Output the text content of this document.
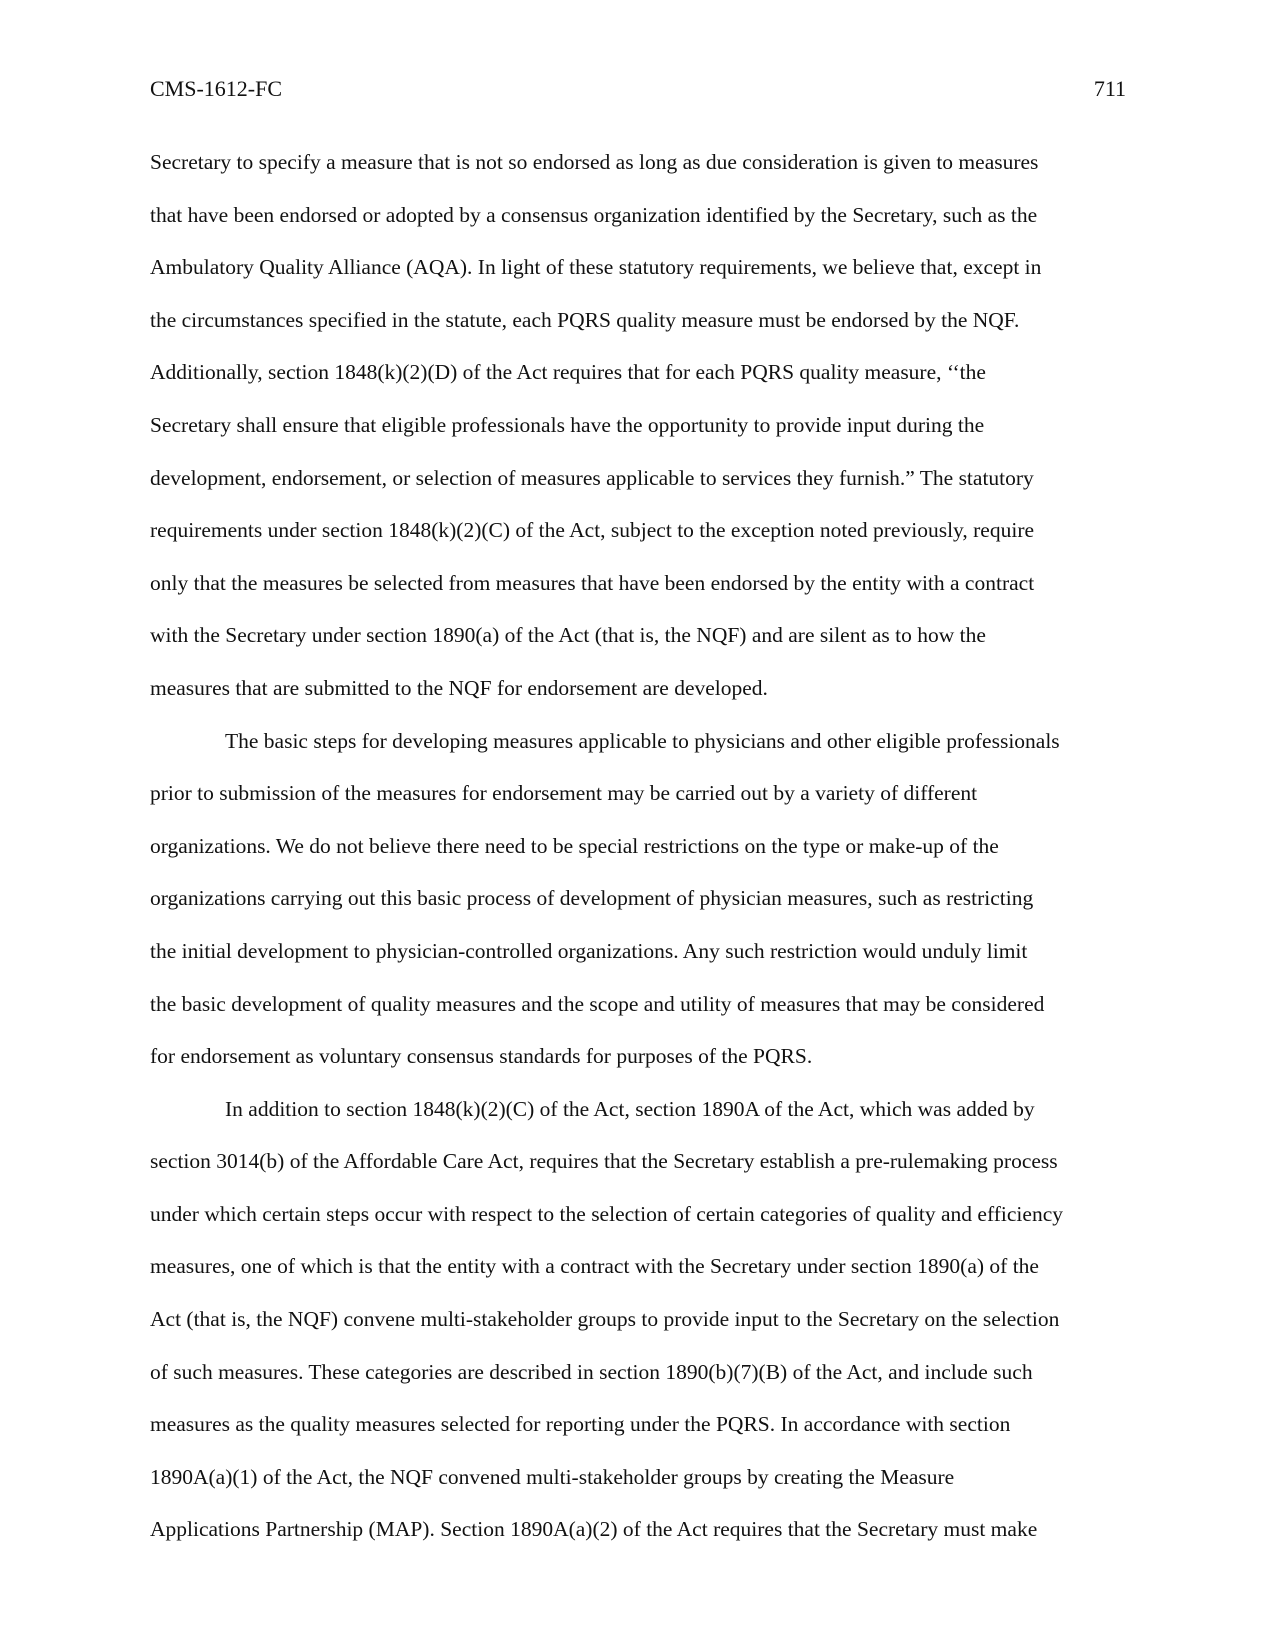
CMS-1612-FC	711
Secretary to specify a measure that is not so endorsed as long as due consideration is given to measures
that have been endorsed or adopted by a consensus organization identified by the Secretary, such as the
Ambulatory Quality Alliance (AQA). In light of these statutory requirements, we believe that, except in
the circumstances specified in the statute, each PQRS quality measure must be endorsed by the NQF.
Additionally, section 1848(k)(2)(D) of the Act requires that for each PQRS quality measure, ‘‘the
Secretary shall ensure that eligible professionals have the opportunity to provide input during the
development, endorsement, or selection of measures applicable to services they furnish.” The statutory
requirements under section 1848(k)(2)(C) of the Act, subject to the exception noted previously, require
only that the measures be selected from measures that have been endorsed by the entity with a contract
with the Secretary under section 1890(a) of the Act (that is, the NQF) and are silent as to how the
measures that are submitted to the NQF for endorsement are developed.
The basic steps for developing measures applicable to physicians and other eligible professionals
prior to submission of the measures for endorsement may be carried out by a variety of different
organizations. We do not believe there need to be special restrictions on the type or make-up of the
organizations carrying out this basic process of development of physician measures, such as restricting
the initial development to physician-controlled organizations. Any such restriction would unduly limit
the basic development of quality measures and the scope and utility of measures that may be considered
for endorsement as voluntary consensus standards for purposes of the PQRS.
In addition to section 1848(k)(2)(C) of the Act, section 1890A of the Act, which was added by
section 3014(b) of the Affordable Care Act, requires that the Secretary establish a pre-rulemaking process
under which certain steps occur with respect to the selection of certain categories of quality and efficiency
measures, one of which is that the entity with a contract with the Secretary under section 1890(a) of the
Act (that is, the NQF) convene multi-stakeholder groups to provide input to the Secretary on the selection
of such measures. These categories are described in section 1890(b)(7)(B) of the Act, and include such
measures as the quality measures selected for reporting under the PQRS. In accordance with section
1890A(a)(1) of the Act, the NQF convened multi-stakeholder groups by creating the Measure
Applications Partnership (MAP). Section 1890A(a)(2) of the Act requires that the Secretary must make
